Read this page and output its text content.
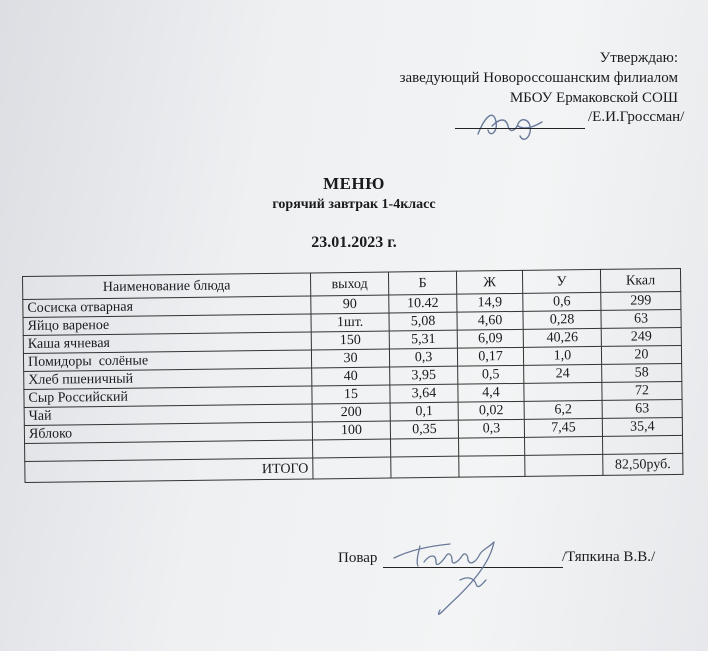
Утверждаю:
заведующий Новороссошанским филиалом
МБОУ Ермаковской СОШ
/Е.И.Гроссман/
МЕНЮ
горячий завтрак 1-4класс
23.01.2023 г.
Наименование блюда	выход	Б	Ж	У	Ккал
Сосиска отварная	90	10.42	14,9	0,6	299
Яйцо вареное	1шт.	5,08	4,60	0,28	63
Каша ячневая	150	5,31	6,09	40,26	249
Помидоры  солёные	30	0,3	0,17	1,0	20
Хлеб пшеничный	40	3,95	0,5	24	58
Сыр Российский	15	3,64	4,4		72
Чай	200	0,1	0,02	6,2	63
Яблоко	100	0,35	0,3	7,45	35,4

ИТОГО					82,50руб.
Повар	/Тяпкина В.В./
